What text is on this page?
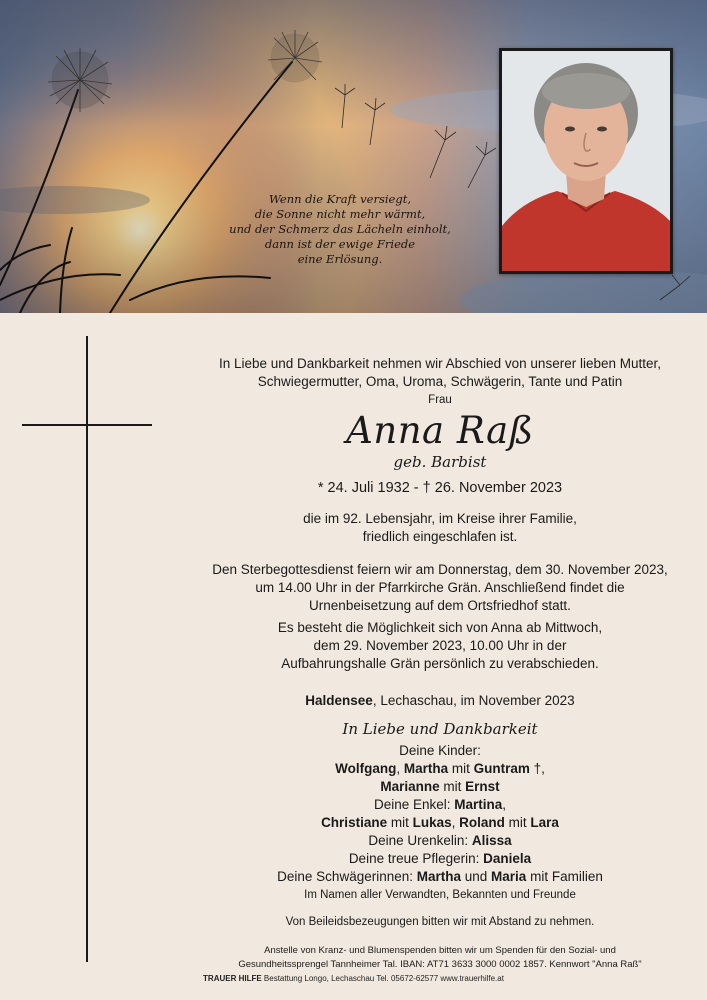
Wenn die Kraft versiegt,
die Sonne nicht mehr wärmt,
und der Schmerz das Lächeln einholt,
dann ist der ewige Friede
eine Erlösung.

In Liebe und Dankbarkeit nehmen wir Abschied von unserer lieben Mutter,

Schwiegermutter, Oma, Uroma, Schwägerin, Tante und Patin

Frau

Anna Raß

geb. Barbist

* 24. Juli 1932 - † 26. November 2023

die im 92. Lebensjahr, im Kreise ihrer Familie,

friedlich eingeschlafen ist.

Den Sterbegottesdienst feiern wir am Donnerstag, dem 30. November 2023,

um 14.00 Uhr in der Pfarrkirche Grän. Anschließend findet die

Urnenbeisetzung auf dem Ortsfriedhof statt.

Es besteht die Möglichkeit sich von Anna ab Mittwoch,

dem 29. November 2023, 10.00 Uhr in der

Aufbahrungshalle Grän persönlich zu verabschieden.

Haldensee, Lechaschau, im November 2023

In Liebe und Dankbarkeit

Deine Kinder:

Wolfgang, Martha mit Guntram †,

Marianne mit Ernst

Deine Enkel: Martina,

Christiane mit Lukas, Roland mit Lara

Deine Urenkelin: Alissa

Deine treue Pflegerin: Daniela

Deine Schwägerinnen: Martha und Maria mit Familien

Im Namen aller Verwandten, Bekannten und Freunde

Von Beileidsbezeugungen bitten wir mit Abstand zu nehmen.

Anstelle von Kranz- und Blumenspenden bitten wir um Spenden für den Sozial- und

Gesundheitssprengel Tannheimer Tal. IBAN: AT71 3633 3000 0002 1857. Kennwort "Anna Raß"

TRAUER HILFE Bestattung Longo, Lechaschau Tel. 05672-62577 www.trauerhilfe.at
